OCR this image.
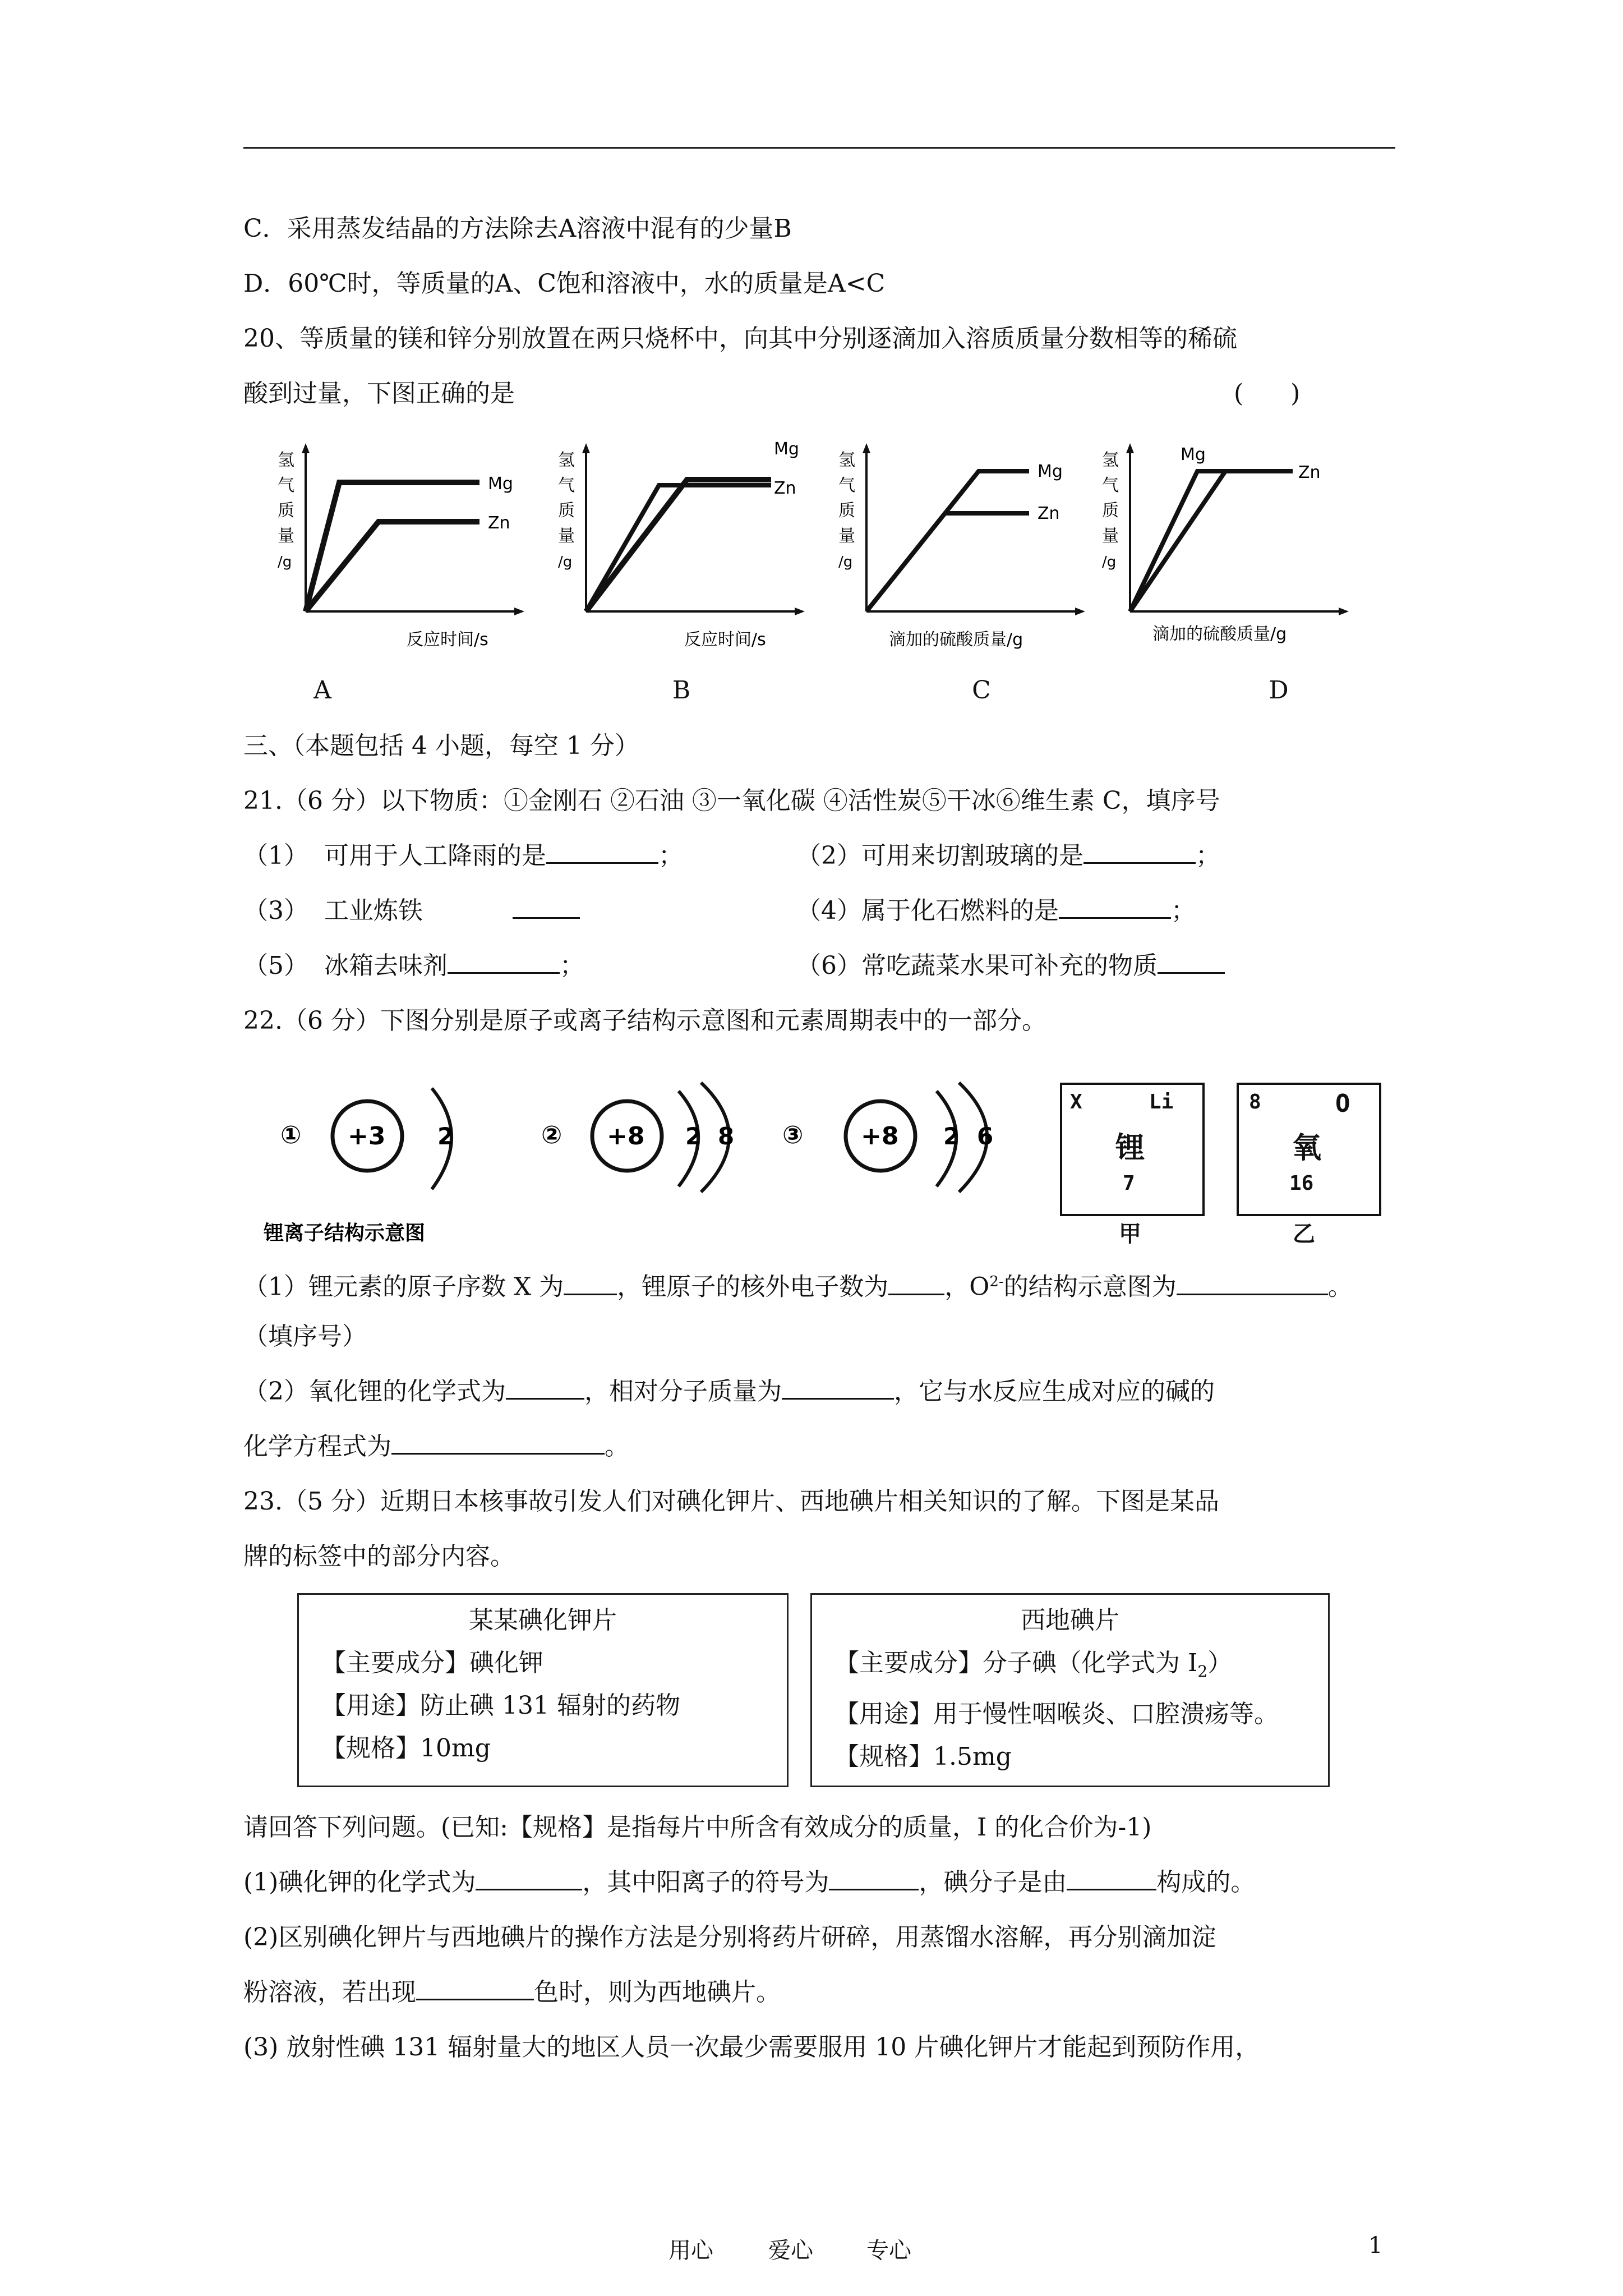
C．采用蒸发结晶的方法除去A溶液中混有的少量B
D．60℃时，等质量的A、C饱和溶液中，水的质量是A<C
20、等质量的镁和锌分别放置在两只烧杯中，向其中分别逐滴加入溶质质量分数相等的稀硫
酸到过量，下图正确的是	(      )
氢
气
质
量
/g
Mg
Zn
反应时间/s
A
氢
气
质
量
/g
Mg
Zn
反应时间/s
B
氢
气
质
量
/g
Mg
Zn
滴加的硫酸质量/g
C
氢
气
质
量
/g
Mg
Zn
滴加的硫酸质量/g
D
三、（本题包括 4 小题，每空 1 分）
21.（6 分）以下物质：①金刚石 ②石油 ③一氧化碳 ④活性炭⑤干冰⑥维生素 C，填序号
（1）  可用于人工降雨的是	；	（2）可用来切割玻璃的是	；
（3）  工业炼铁	（4）属于化石燃料的是	；
（5）  冰箱去味剂	；	（6）常吃蔬菜水果可补充的物质
22.（6 分）下图分别是原子或离子结构示意图和元素周期表中的一部分。
① +3 2	② +8 2 8 ③ +8 2 6
锂离子结构示意图
X	Li
锂
7
甲
8	O
氧
16
乙
（1）锂元素的原子序数 X 为 ，锂原子的核外电子数为 ，$O^{2-}$的结构示意图为	。
（填序号）
（2）氧化锂的化学式为	，相对分子质量为	，它与水反应生成对应的碱的
化学方程式为	。
23.（5 分）近期日本核事故引发人们对碘化钾片、西地碘片相关知识的了解。下图是某品
牌的标签中的部分内容。
某某碘化钾片
【主要成分】碘化钾
【用途】防止碘 131 辐射的药物
【规格】10mg
西地碘片
【主要成分】分子碘（化学式为 $I_2$）
【用途】用于慢性咽喉炎、口腔溃疡等。
【规格】1.5mg
请回答下列问题。(已知:【规格】是指每片中所含有效成分的质量，I 的化合价为-1)
(1)碘化钾的化学式为	，其中阳离子的符号为	，碘分子是由	构成的。
(2)区别碘化钾片与西地碘片的操作方法是分别将药片研碎，用蒸馏水溶解，再分别滴加淀
粉溶液，若出现	色时，则为西地碘片。
(3) 放射性碘 131 辐射量大的地区人员一次最少需要服用 10 片碘化钾片才能起到预防作用，
用心 爱心 专心	1
